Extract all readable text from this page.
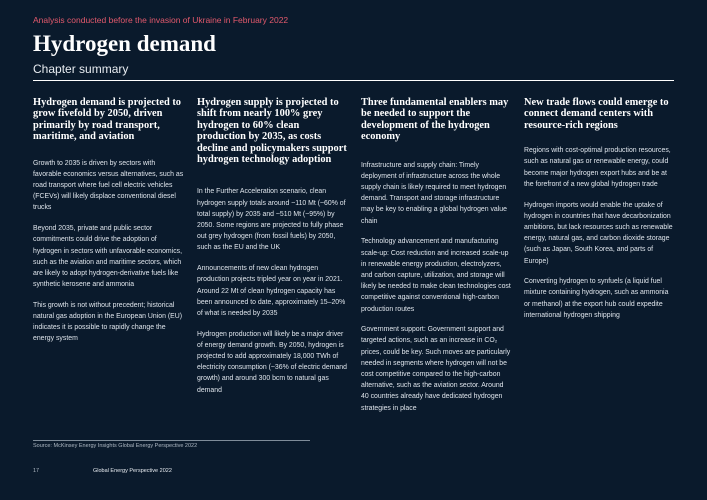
Analysis conducted before the invasion of Ukraine in February 2022
Hydrogen demand
Chapter summary
Hydrogen demand is projected to grow fivefold by 2050, driven primarily by road transport, maritime, and aviation

Growth to 2035 is driven by sectors with favorable economics versus alternatives, such as road transport where fuel cell electric vehicles (FCEVs) will likely displace conventional diesel trucks

Beyond 2035, private and public sector commitments could drive the adoption of hydrogen in sectors with unfavorable economics, such as the aviation and maritime sectors, which are likely to adopt hydrogen-derivative fuels like synthetic kerosene and ammonia

This growth is not without precedent; historical natural gas adoption in the European Union (EU) indicates it is possible to rapidly change the energy system

Hydrogen supply is projected to shift from nearly 100% grey hydrogen to 60% clean production by 2035, as costs decline and policymakers support hydrogen technology adoption

In the Further Acceleration scenario, clean hydrogen supply totals around ~110 Mt (~60% of total supply) by 2035 and ~510 Mt (~95%) by 2050. Some regions are projected to fully phase out grey hydrogen (from fossil fuels) by 2050, such as the EU and the UK

Announcements of new clean hydrogen production projects tripled year on year in 2021. Around 22 Mt of clean hydrogen capacity has been announced to date, approximately 15–20% of what is needed by 2035

Hydrogen production will likely be a major driver of energy demand growth. By 2050, hydrogen is projected to add approximately 18,000 TWh of electricity consumption (~36% of electric demand growth) and around 300 bcm to natural gas demand

Three fundamental enablers may be needed to support the development of the hydrogen economy

Infrastructure and supply chain: Timely deployment of infrastructure across the whole supply chain is likely required to meet hydrogen demand. Transport and storage infrastructure may be key to enabling a global hydrogen value chain

Technology advancement and manufacturing scale-up: Cost reduction and increased scale-up in renewable energy production, electrolyzers, and carbon capture, utilization, and storage will likely be needed to make clean technologies cost competitive against conventional high-carbon production routes

Government support: Government support and targeted actions, such as an increase in CO₂ prices, could be key. Such moves are particularly needed in segments where hydrogen will not be cost competitive compared to the high-carbon alternative, such as the aviation sector. Around 40 countries already have dedicated hydrogen strategies in place

New trade flows could emerge to connect demand centers with resource-rich regions

Regions with cost-optimal production resources, such as natural gas or renewable energy, could become major hydrogen export hubs and be at the forefront of a new global hydrogen trade

Hydrogen imports would enable the uptake of hydrogen in countries that have decarbonization ambitions, but lack resources such as renewable energy, natural gas, and carbon dioxide storage (such as Japan, South Korea, and parts of Europe)

Converting hydrogen to synfuels (a liquid fuel mixture containing hydrogen, such as ammonia or methanol) at the export hub could expedite international hydrogen shipping

Source: McKinsey Energy Insights Global Energy Perspective 2022
17	Global Energy Perspective 2022
